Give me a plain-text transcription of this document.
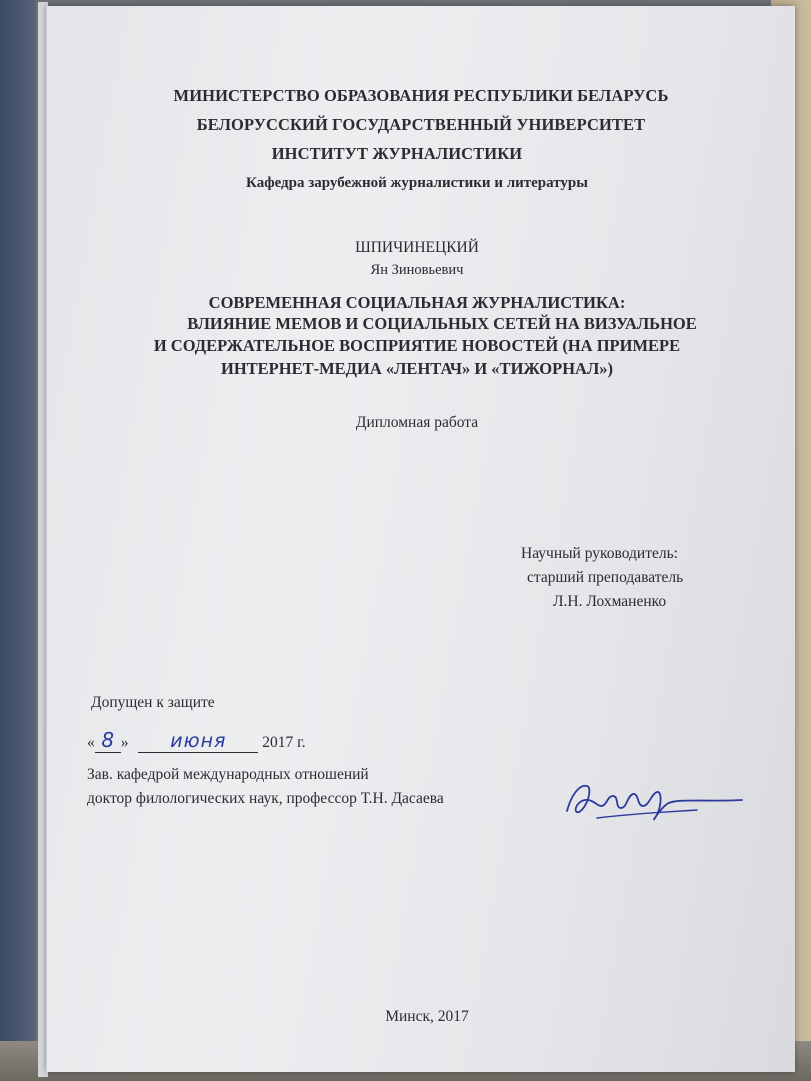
МИНИСТЕРСТВО ОБРАЗОВАНИЯ РЕСПУБЛИКИ БЕЛАРУСЬ
БЕЛОРУССКИЙ ГОСУДАРСТВЕННЫЙ УНИВЕРСИТЕТ
ИНСТИТУТ ЖУРНАЛИСТИКИ
Кафедра зарубежной журналистики и литературы
ШПИЧИНЕЦКИЙ
Ян Зиновьевич
СОВРЕМЕННАЯ СОЦИАЛЬНАЯ ЖУРНАЛИСТИКА:
ВЛИЯНИЕ МЕМОВ И СОЦИАЛЬНЫХ СЕТЕЙ НА ВИЗУАЛЬНОЕ
И СОДЕРЖАТЕЛЬНОЕ ВОСПРИЯТИЕ НОВОСТЕЙ (НА ПРИМЕРЕ
ИНТЕРНЕТ-МЕДИА «ЛЕНТАЧ» И «ТИЖОРНАЛ»)
Дипломная работа
Научный руководитель:
старший преподаватель
Л.Н. Лохманенко
Допущен к защите
« 8 » июня 2017 г.
Зав. кафедрой международных отношений
доктор филологических наук, профессор Т.Н. Дасаева
Минск, 2017
